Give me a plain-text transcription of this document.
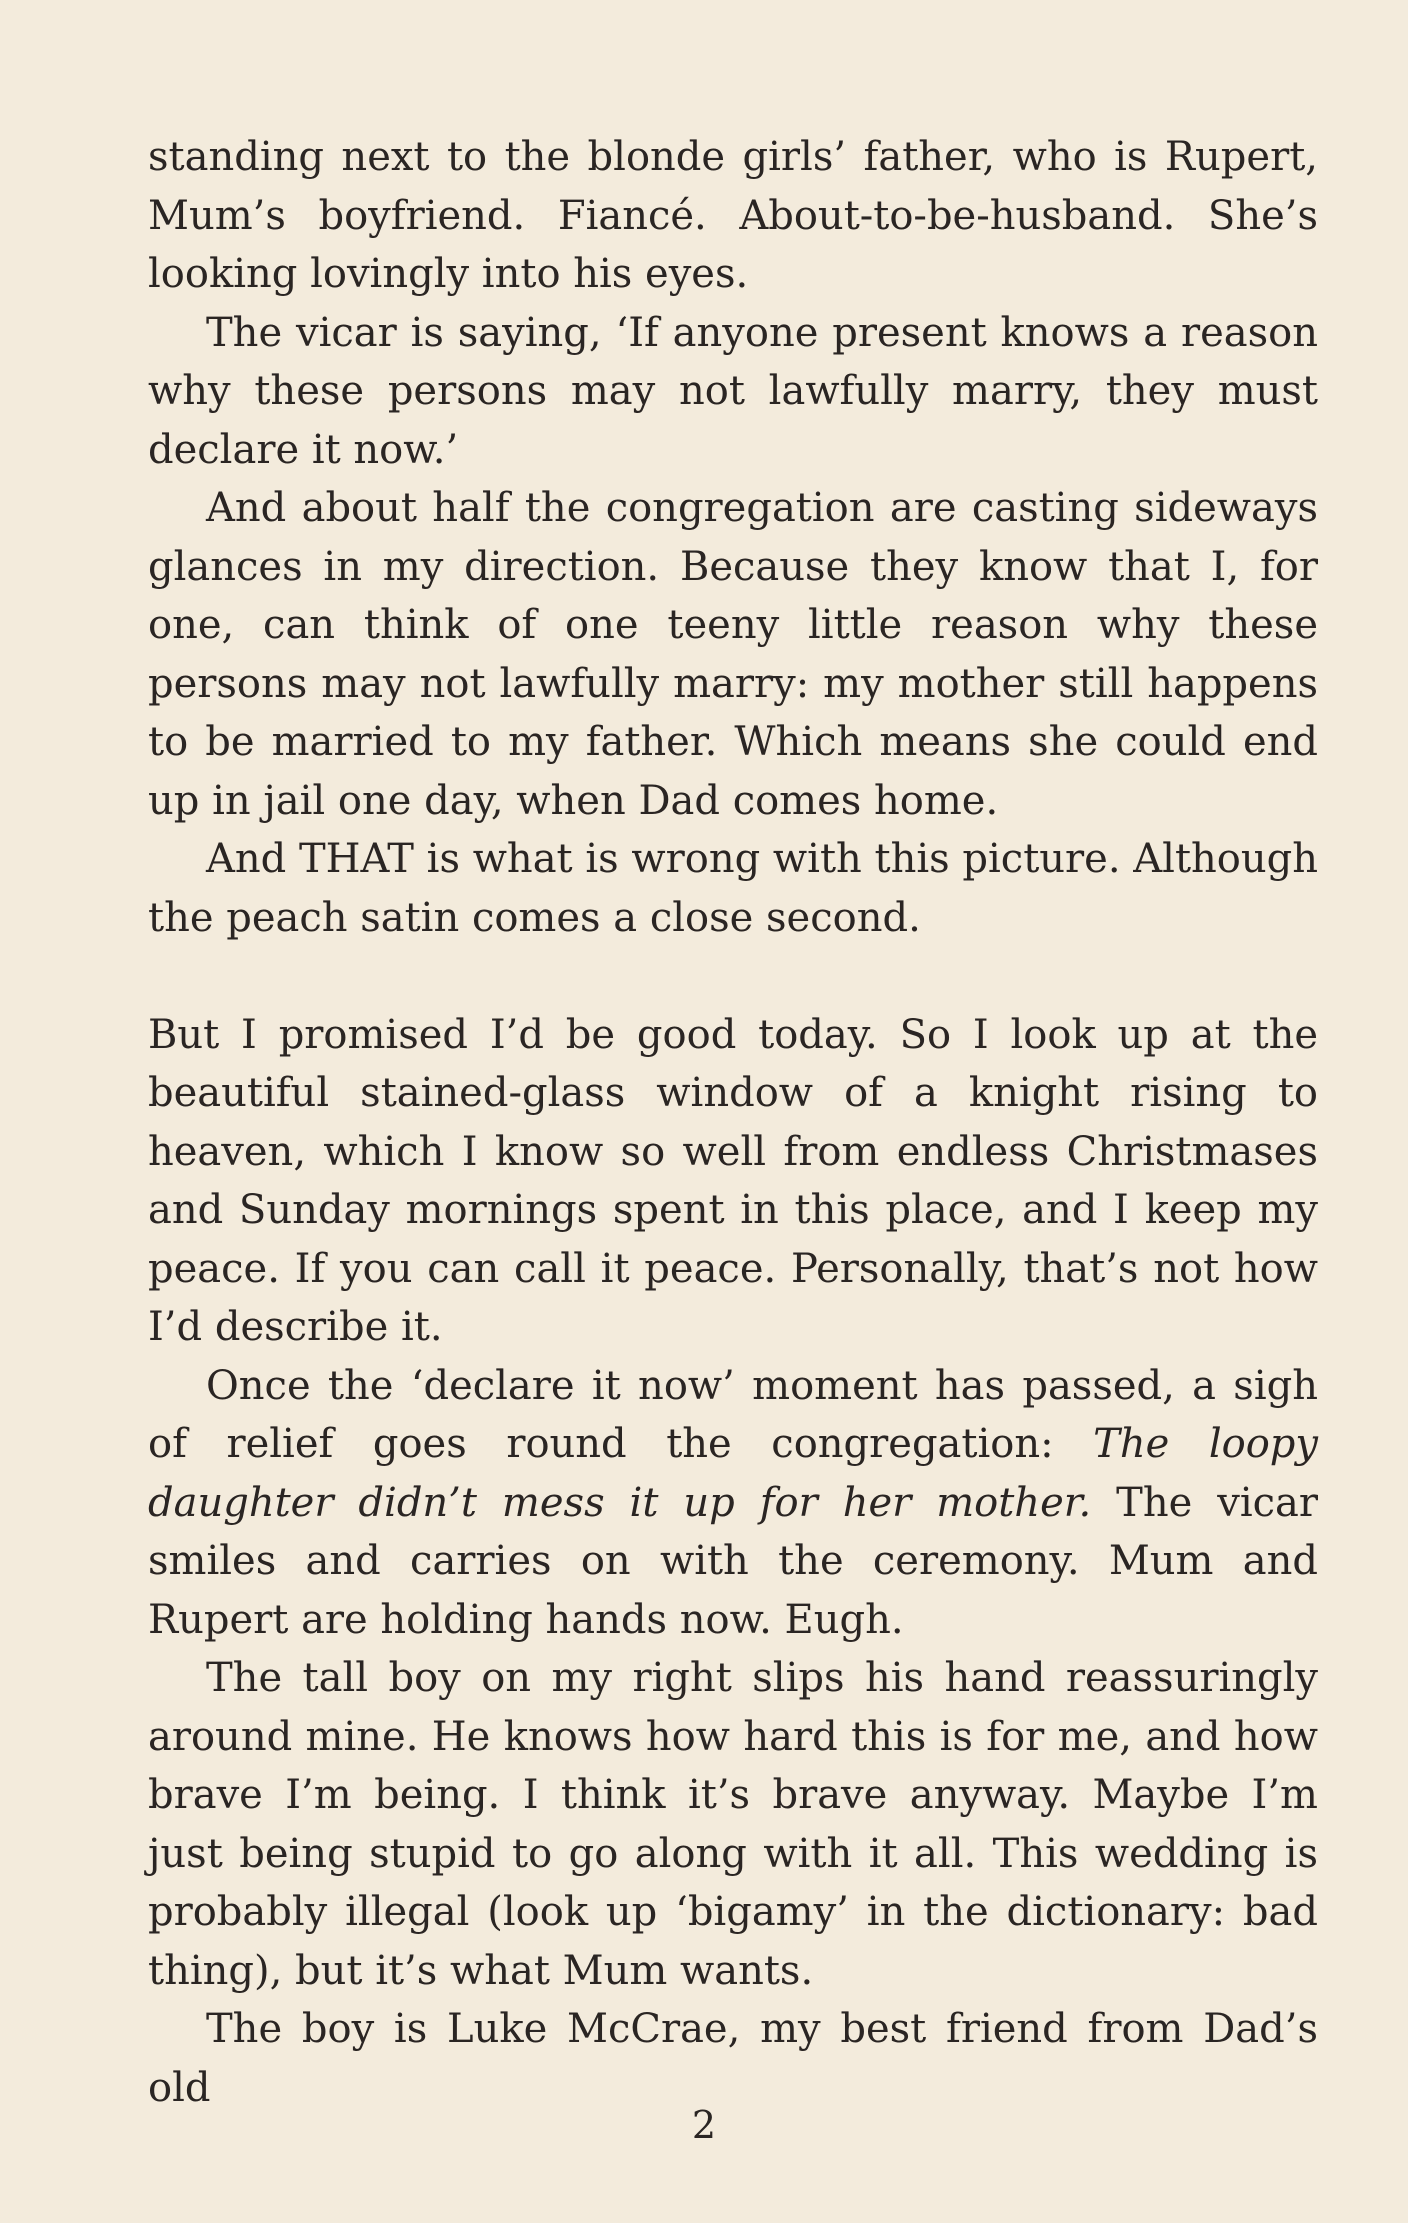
standing next to the blonde girls’ father, who is Rupert, Mum’s boyfriend. Fiancé. About-to-be-husband. She’s looking lovingly into his eyes.

The vicar is saying, ‘If anyone present knows a reason why these persons may not lawfully marry, they must declare it now.’

And about half the congregation are casting sideways glances in my direction. Because they know that I, for one, can think of one teeny little reason why these persons may not lawfully marry: my mother still happens to be married to my father. Which means she could end up in jail one day, when Dad comes home.

And THAT is what is wrong with this picture. Although the peach satin comes a close second.

But I promised I’d be good today. So I look up at the beautiful stained-glass window of a knight rising to heaven, which I know so well from endless Christmases and Sunday mornings spent in this place, and I keep my peace. If you can call it peace. Personally, that’s not how I’d describe it.

Once the ‘declare it now’ moment has passed, a sigh of relief goes round the congregation: The loopy daughter didn’t mess it up for her mother. The vicar smiles and carries on with the ceremony. Mum and Rupert are holding hands now. Eugh.

The tall boy on my right slips his hand reassuringly around mine. He knows how hard this is for me, and how brave I’m being. I think it’s brave anyway. Maybe I’m just being stupid to go along with it all. This wedding is probably illegal (look up ‘bigamy’ in the dictionary: bad thing), but it’s what Mum wants.

The boy is Luke McCrae, my best friend from Dad’s old

2
